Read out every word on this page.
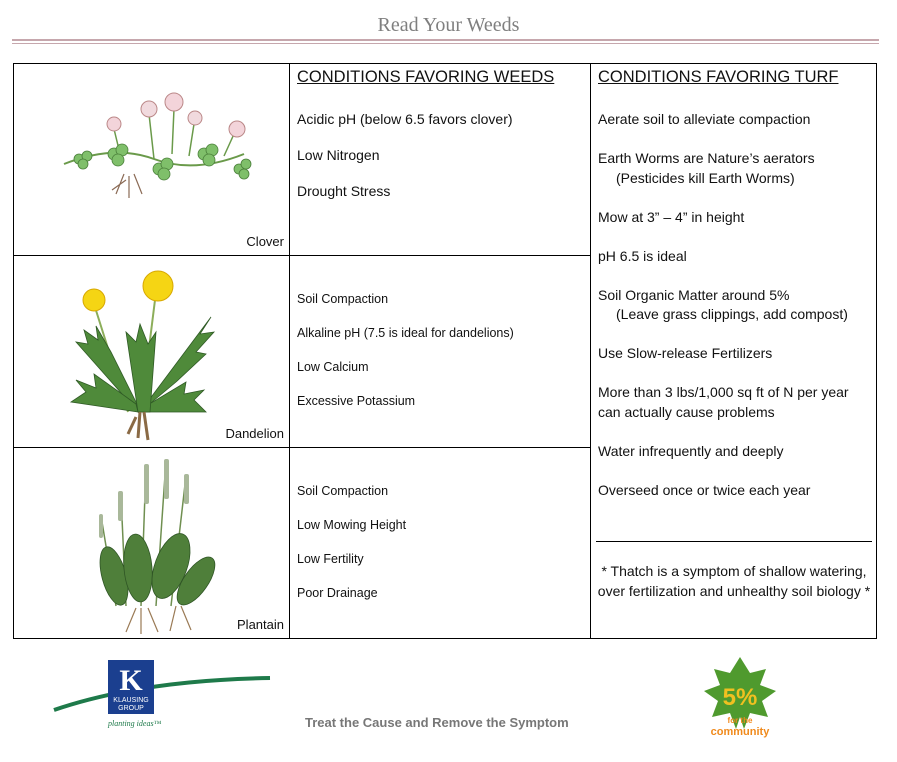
Read Your Weeds
Clover
Dandelion
Plantain
CONDITIONS FAVORING WEEDS	CONDITIONS FAVORING TURF
Acidic pH (below 6.5 favors clover)
Low Nitrogen
Drought Stress
Soil Compaction
Alkaline pH (7.5 is ideal for dandelions)
Low Calcium
Excessive Potassium
Soil Compaction
Low Mowing Height
Low Fertility
Poor Drainage
Aerate soil to alleviate compaction
Earth Worms are Nature’s aerators
(Pesticides kill Earth Worms)
Mow at 3” – 4” in height
pH 6.5 is ideal
Soil Organic Matter around 5%
(Leave grass clippings, add compost)
Use Slow-release Fertilizers
More than 3 lbs/1,000 sq ft of N per year can actually cause problems
Water infrequently and deeply
Overseed once or twice each year
* Thatch is a symptom of shallow watering, over fertilization and unhealthy soil biology *
K
KLAUSING
GROUP
planting ideas™	Treat the Cause and Remove the Symptom
5%
for the
community
